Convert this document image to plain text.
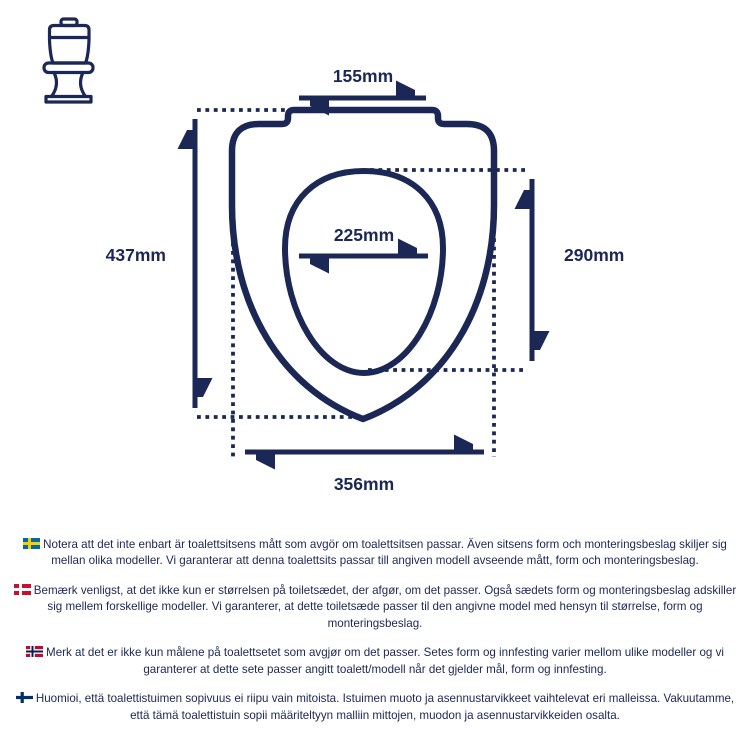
155mm
437mm
225mm
290mm
356mm

Notera att det inte enbart är toalettsitsens mått som avgör om toalettsitsen passar. Även sitsens form och monteringsbeslag skiljer sig mellan olika modeller. Vi garanterar att denna toalettsits passar till angiven modell avseende mått, form och monteringsbeslag.

Bemærk venligst, at det ikke kun er størrelsen på toiletsædet, der afgør, om det passer. Også sædets form og monteringsbeslag adskiller sig mellem forskellige modeller. Vi garanterer, at dette toiletsæde passer til den angivne model med hensyn til størrelse, form og monteringsbeslag.

Merk at det er ikke kun målene på toalettsetet som avgjør om det passer. Setes form og innfesting varier mellom ulike modeller og vi garanterer at dette sete passer angitt toalett/modell når det gjelder mål, form og innfesting.

Huomioi, että toalettistuimen sopivuus ei riipu vain mitoista. Istuimen muoto ja asennustarvikkeet vaihtelevat eri malleissa. Vakuutamme, että tämä toalettistuin sopii määriteltyyn malliin mittojen, muodon ja asennustarvikkeiden osalta.
